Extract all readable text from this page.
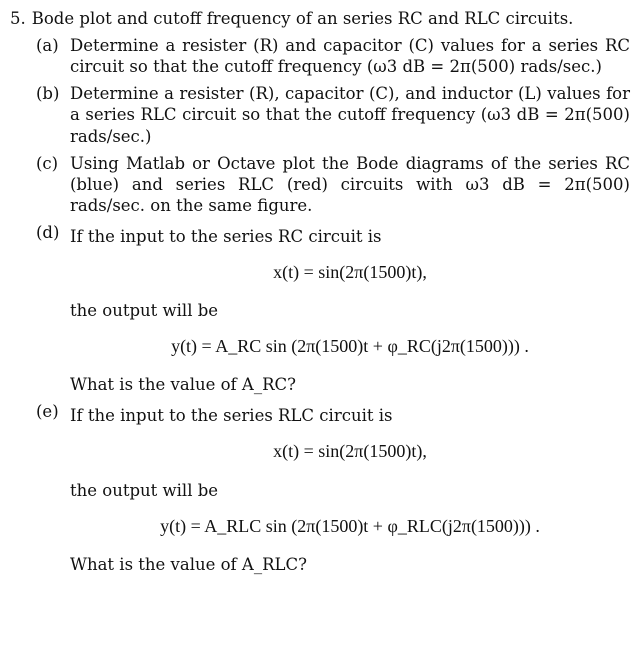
5. Bode plot and cutoff frequency of an series RC and RLC circuits.
(a) Determine a resister (R) and capacitor (C) values for a series RC circuit so that the cutoff frequency (ω3 dB = 2π(500) rads/sec.)
(b) Determine a resister (R), capacitor (C), and inductor (L) values for a series RLC circuit so that the cutoff frequency (ω3 dB = 2π(500) rads/sec.)
(c) Using Matlab or Octave plot the Bode diagrams of the series RC (blue) and series RLC (red) circuits with ω3 dB = 2π(500) rads/sec. on the same figure.
(d) If the input to the series RC circuit is
x(t) = sin(2π(1500)t),
the output will be
y(t) = A_RC sin (2π(1500)t + φ_RC(j2π(1500))) .
What is the value of A_RC?
(e) If the input to the series RLC circuit is
x(t) = sin(2π(1500)t),
the output will be
y(t) = A_RLC sin (2π(1500)t + φ_RLC(j2π(1500))) .
What is the value of A_RLC?
